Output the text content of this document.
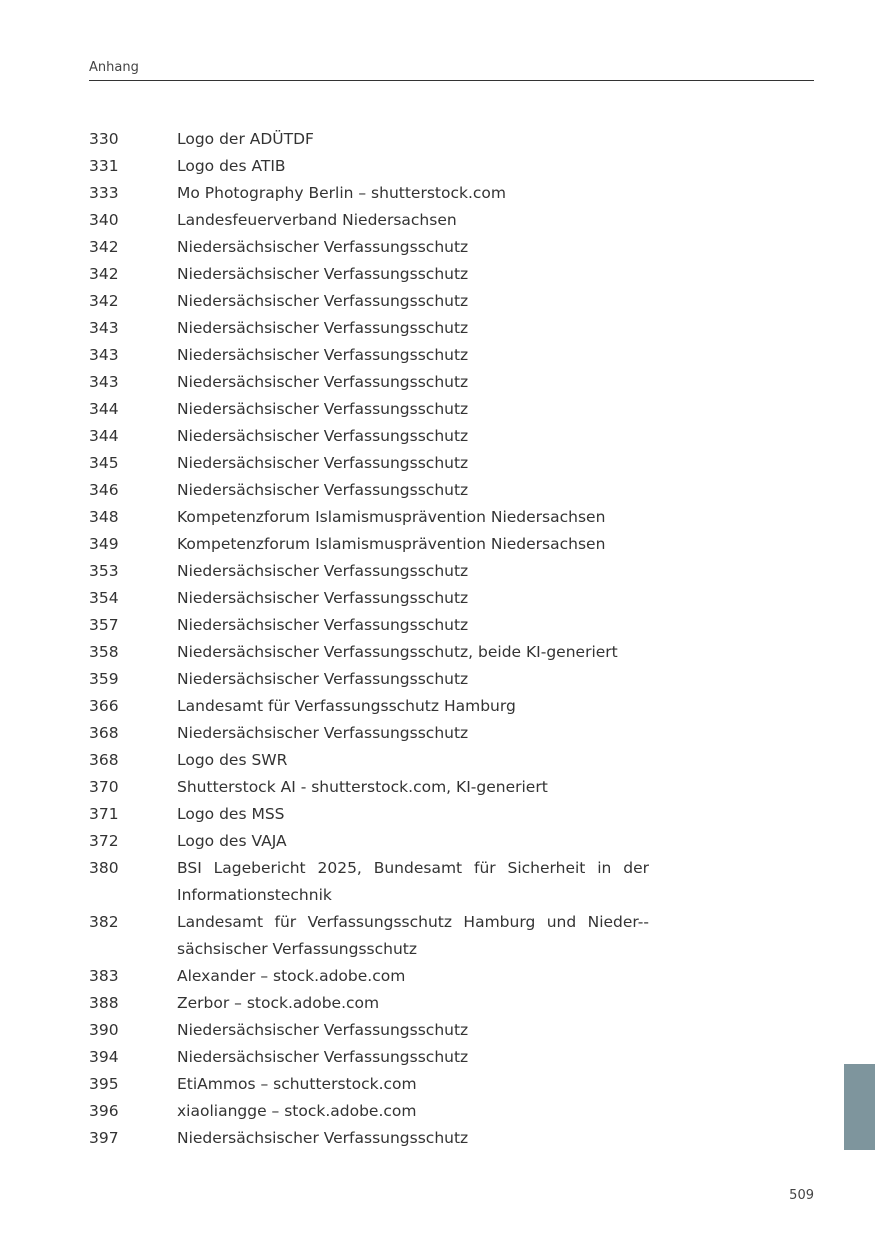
Anhang
330	Logo der ADÜTDF
331	Logo des ATIB
333	Mo Photography Berlin – shutterstock.com
340	Landesfeuerverband Niedersachsen
342	Niedersächsischer Verfassungsschutz
342	Niedersächsischer Verfassungsschutz
342	Niedersächsischer Verfassungsschutz
343	Niedersächsischer Verfassungsschutz
343	Niedersächsischer Verfassungsschutz
343	Niedersächsischer Verfassungsschutz
344	Niedersächsischer Verfassungsschutz
344	Niedersächsischer Verfassungsschutz
345	Niedersächsischer Verfassungsschutz
346	Niedersächsischer Verfassungsschutz
348	Kompetenzforum Islamismusprävention Niedersachsen
349	Kompetenzforum Islamismusprävention Niedersachsen
353	Niedersächsischer Verfassungsschutz
354	Niedersächsischer Verfassungsschutz
357	Niedersächsischer Verfassungsschutz
358	Niedersächsischer Verfassungsschutz, beide KI-generiert
359	Niedersächsischer Verfassungsschutz
366	Landesamt für Verfassungsschutz Hamburg
368	Niedersächsischer Verfassungsschutz
368	Logo des SWR
370	Shutterstock AI - shutterstock.com, KI-generiert
371	Logo des MSS
372	Logo des VAJA
380	BSI Lagebericht 2025, Bundesamt für Sicherheit in der Informationstechnik
382	Landesamt für Verfassungsschutz Hamburg und Nieder-sächsischer Verfassungsschutz
383	Alexander – stock.adobe.com
388	Zerbor – stock.adobe.com
390	Niedersächsischer Verfassungsschutz
394	Niedersächsischer Verfassungsschutz
395	EtiAmmos – schutterstock.com
396	xiaoliangge – stock.adobe.com
397	Niedersächsischer Verfassungsschutz
509
